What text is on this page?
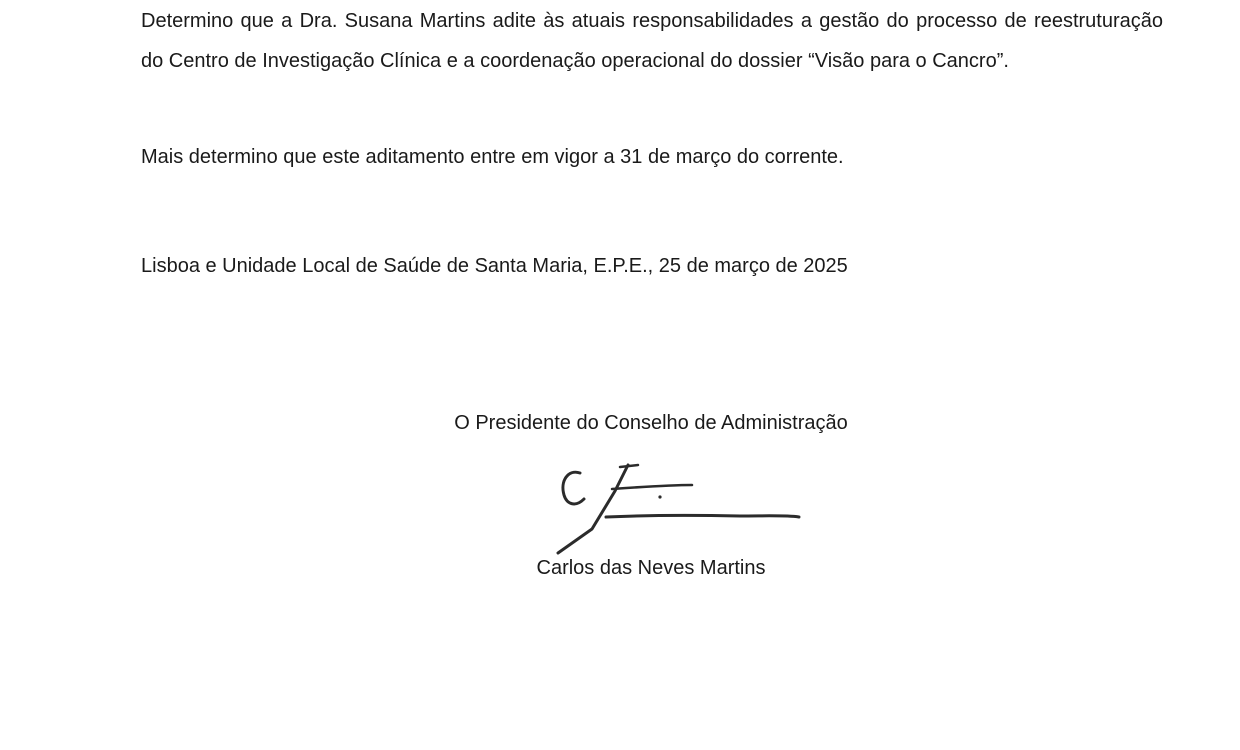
Determino que a Dra. Susana Martins adite às atuais responsabilidades a gestão do processo de reestruturação do Centro de Investigação Clínica e a coordenação operacional do dossier “Visão para o Cancro”.

Mais determino que este aditamento entre em vigor a 31 de março do corrente.

Lisboa e Unidade Local de Saúde de Santa Maria, E.P.E., 25 de março de 2025

O Presidente do Conselho de Administração

Carlos das Neves Martins
